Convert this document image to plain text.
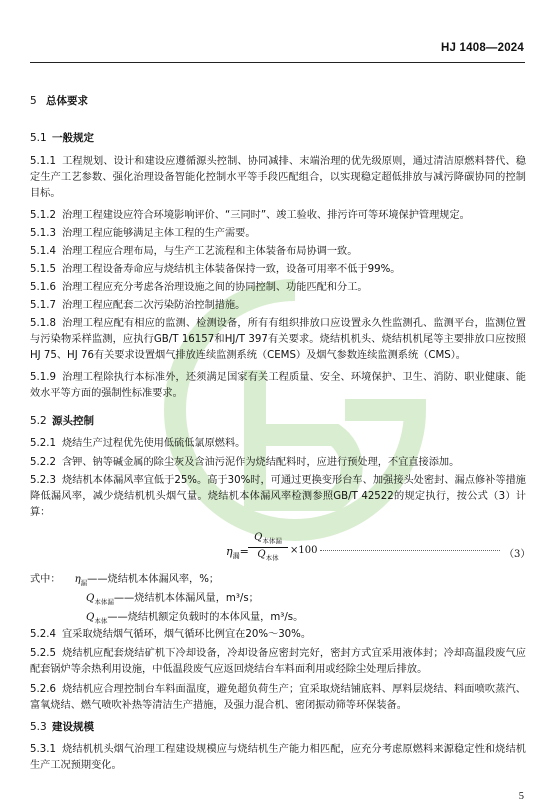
HJ 1408—2024
5 总体要求
5.1 一般规定
5.1.1 工程规划、设计和建设应遵循源头控制、协同减排、末端治理的优先级原则，通过清洁原燃料替代、稳定生产工艺参数、强化治理设备智能化控制水平等手段匹配组合，以实现稳定超低排放与减污降碳协同的控制目标。
5.1.2 治理工程建设应符合环境影响评价、“三同时”、竣工验收、排污许可等环境保护管理规定。
5.1.3 治理工程应能够满足主体工程的生产需要。
5.1.4 治理工程应合理布局，与生产工艺流程和主体装备布局协调一致。
5.1.5 治理工程设备寿命应与烧结机主体装备保持一致，设备可用率不低于99%。
5.1.6 治理工程应充分考虑各治理设施之间的协同控制、功能匹配和分工。
5.1.7 治理工程应配套二次污染防治控制措施。
5.1.8 治理工程应配有相应的监测、检测设备，所有有组织排放口应设置永久性监测孔、监测平台，监测位置与污染物采样监测，应执行GB/T 16157和HJ/T 397有关要求。烧结机机头、烧结机机尾等主要排放口应按照HJ 75、HJ 76有关要求设置烟气排放连续监测系统（CEMS）及烟气参数连续监测系统（CMS）。
5.1.9 治理工程除执行本标准外，还须满足国家有关工程质量、安全、环境保护、卫生、消防、职业健康、能效水平等方面的强制性标准要求。
5.2 源头控制
5.2.1 烧结生产过程优先使用低硫低氯原燃料。
5.2.2 含钾、钠等碱金属的除尘灰及含油污泥作为烧结配料时，应进行预处理，不宜直接添加。
5.2.3 烧结机本体漏风率宜低于25%。高于30%时，可通过更换变形台车、加强接头处密封、漏点修补等措施降低漏风率，减少烧结机机头烟气量。烧结机本体漏风率检测参照GB/T 42522的规定执行，按公式（3）计算：
$\eta_漏=$
$Q_{本体漏}$
$Q_{本体}$
×100	（3）
式中： $\eta_漏——$烧结机本体漏风率，%；
$Q_{本体漏}——$烧结机本体漏风量，m³/s；
$Q_{本体}——$烧结机额定负载时的本体风量，m³/s。
5.2.4 宜采取烧结烟气循环，烟气循环比例宜在20%～30%。
5.2.5 烧结机应配套烧结矿机下冷却设备，冷却设备应密封完好，密封方式宜采用液体封；冷却高温段废气应配套锅炉等余热利用设施，中低温段废气应返回烧结台车料面利用或经除尘处理后排放。
5.2.6 烧结机应合理控制台车料面温度，避免超负荷生产；宜采取烧结铺底料、厚料层烧结、料面喷吹蒸汽、富氧烧结、燃气喷吹补热等清洁生产措施，及强力混合机、密闭振动筛等环保装备。
5.3 建设规模
5.3.1 烧结机机头烟气治理工程建设规模应与烧结机生产能力相匹配，应充分考虑原燃料来源稳定性和烧结机生产工况预期变化。
5
